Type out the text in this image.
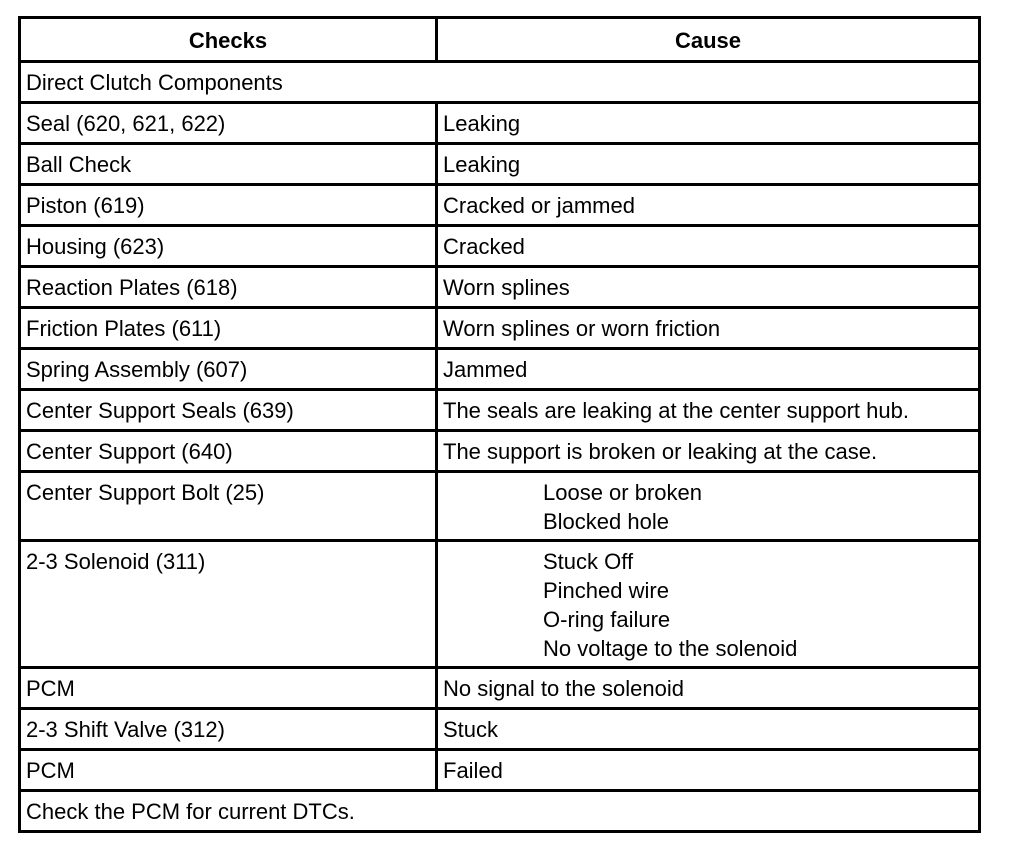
Checks	Cause
Direct Clutch Components	
Seal (620, 621, 622)	Leaking

Ball Check	Leaking

Piston (619)	Cracked or jammed

Housing (623)	Cracked

Reaction Plates (618)	Worn splines

Friction Plates (611)	Worn splines or worn friction

Spring Assembly (607)	Jammed

Center Support Seals (639)	The seals are leaking at the center support hub.

Center Support (640)	The support is broken or leaking at the case.

Center Support Bolt (25)	Loose or broken
Blocked hole

2-3 Solenoid (311)	Stuck Off
Pinched wire
O-ring failure
No voltage to the solenoid

PCM	No signal to the solenoid

2-3 Shift Valve (312)	Stuck

PCM	Failed

Check the PCM for current DTCs.	
